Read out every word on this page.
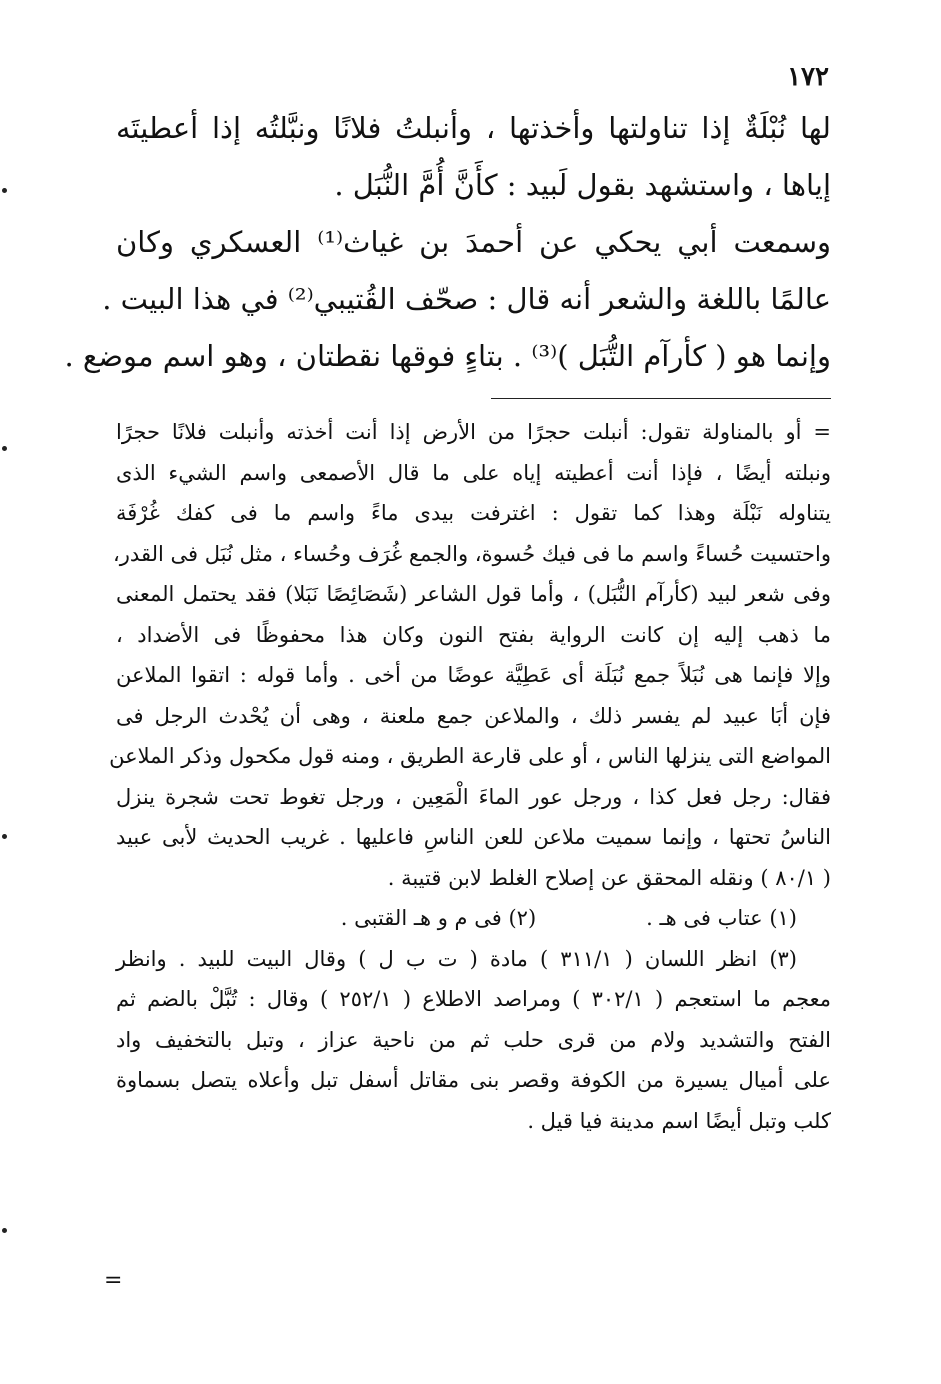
١٧٢
لها نُبْلَةٌ إذا تناولتها وأخذتها ، وأنبلتُ فلانًا ونبَّلتُه إذا أعطيتَه
إياها ، واستشهد بقول لَبيد : كأَنَّ أُمَّ النُّبَل .
وسمعت أبي يحكي عن أحمدَ بن غياث⁽¹⁾ العسكري وكان
عالمًا باللغة والشعر أنه قال : صحّف القُتيبي⁽²⁾ في هذا البيت .
وإنما هو ( كأرآم التُّبَل )⁽³⁾ . بتاءٍ فوقها نقطتان ، وهو اسم موضع .
= أو بالمناولة تقول: أنبلت حجرًا من الأرض إذا أنت أخذته وأنبلت فلانًا حجرًا
ونبلته أيضًا ، فإذا أنت أعطيته إياه على ما قال الأصمعى واسم الشيء الذى
يتناوله نَبْلَة وهذا كما تقول : اغترفت بيدى ماءً واسم ما فى كفك غُرْفَة
واحتسيت حُساءً واسم ما فى فيك حُسوة، والجمع غُرَف وحُساء ، مثل نُبَل فى القدر،
وفى شعر لبيد (كأرآم النُّبَل) ، وأما قول الشاعر (شَصَائِصًا نَبَلا) فقد يحتمل المعنى
ما ذهب إليه إن كانت الرواية بفتح النون وكان هذا محفوظًا فى الأضداد ،
وإلا فإنما هى نُبَلاً جمع نُبَلَة أى عَطِيَّة عوضًا من أخى . وأما قوله : اتقوا الملاعن
فإن أبَا عبيد لم يفسر ذلك ، والملاعن جمع ملعنة ، وهى أن يُحْدث الرجل فى
المواضع التى ينزلها الناس ، أو على قارعة الطريق ، ومنه قول مكحول وذكر الملاعن
فقال: رجل فعل كذا ، ورجل عور الماءَ الْمَعِين ، ورجل تغوط تحت شجرة ينزل
الناسُ تحتها ، وإنما سميت ملاعن للعن الناسِ فاعليها . غريب الحديث لأبى عبيد
( ٨٠/١ ) ونقله المحقق عن إصلاح الغلط لابن قتيبة .
(١) عتاب فى هـ .
(٢) فى م و هـ القتبى .
(٣) انظر اللسان ( ٣١١/١ ) مادة ( ت ب ل ) وقال البيت للبيد . وانظر
معجم ما استعجم ( ٣٠٢/١ ) ومراصد الاطلاع ( ٢٥٢/١ ) وقال : تُبَّلْ بالضم ثم
الفتح والتشديد ولام من قرى حلب ثم من ناحية عزاز ، وتبل بالتخفيف واد
على أميال يسيرة من الكوفة وقصر بنى مقاتل أسفل تبل وأعلاه يتصل بسماوة
كلب وتبل أيضًا اسم مدينة فيا قيل .
=
